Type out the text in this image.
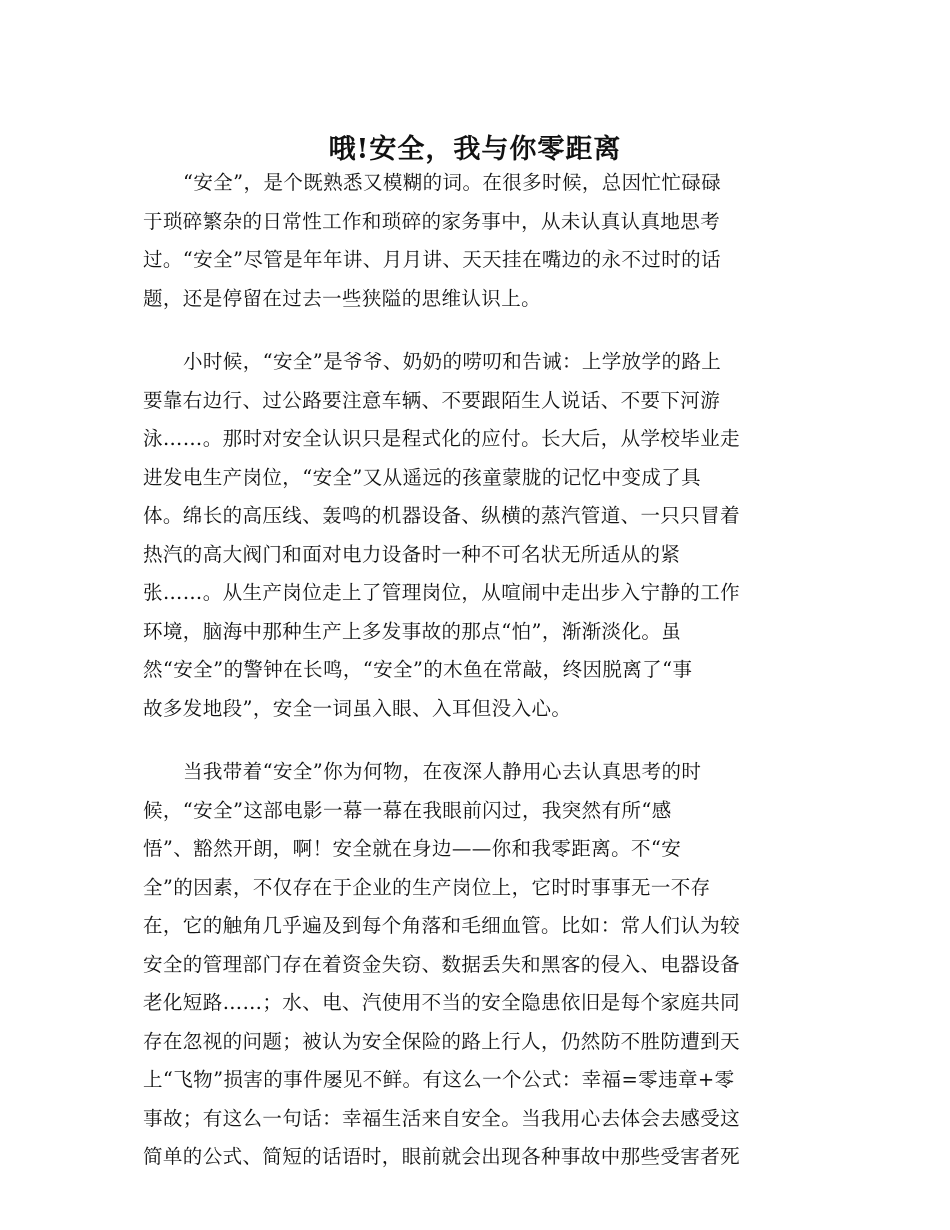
哦!安全，我与你零距离
“安全”，是个既熟悉又模糊的词。在很多时候，总因忙忙碌碌
于琐碎繁杂的日常性工作和琐碎的家务事中，从未认真认真地思考
过。“安全”尽管是年年讲、月月讲、天天挂在嘴边的永不过时的话
题，还是停留在过去一些狭隘的思维认识上。
小时候，“安全”是爷爷、奶奶的唠叨和告诫：上学放学的路上
要靠右边行、过公路要注意车辆、不要跟陌生人说话、不要下河游
泳……。那时对安全认识只是程式化的应付。长大后，从学校毕业走
进发电生产岗位，“安全”又从遥远的孩童蒙胧的记忆中变成了具
体。绵长的高压线、轰鸣的机器设备、纵横的蒸汽管道、一只只冒着
热汽的高大阀门和面对电力设备时一种不可名状无所适从的紧
张……。从生产岗位走上了管理岗位，从喧闹中走出步入宁静的工作
环境，脑海中那种生产上多发事故的那点“怕”，渐渐淡化。虽
然“安全”的警钟在长鸣，“安全”的木鱼在常敲，终因脱离了“事
故多发地段”，安全一词虽入眼、入耳但没入心。
当我带着“安全”你为何物，在夜深人静用心去认真思考的时
候，“安全”这部电影一幕一幕在我眼前闪过，我突然有所“感
悟”、豁然开朗，啊！安全就在身边——你和我零距离。不“安
全”的因素，不仅存在于企业的生产岗位上，它时时事事无一不存
在，它的触角几乎遍及到每个角落和毛细血管。比如：常人们认为较
安全的管理部门存在着资金失窃、数据丢失和黑客的侵入、电器设备
老化短路……；水、电、汽使用不当的安全隐患依旧是每个家庭共同
存在忽视的问题；被认为安全保险的路上行人，仍然防不胜防遭到天
上“飞物”损害的事件屡见不鲜。有这么一个公式：幸福=零违章+零
事故；有这么一句话：幸福生活来自安全。当我用心去体会去感受这
简单的公式、简短的话语时，眼前就会出现各种事故中那些受害者死
